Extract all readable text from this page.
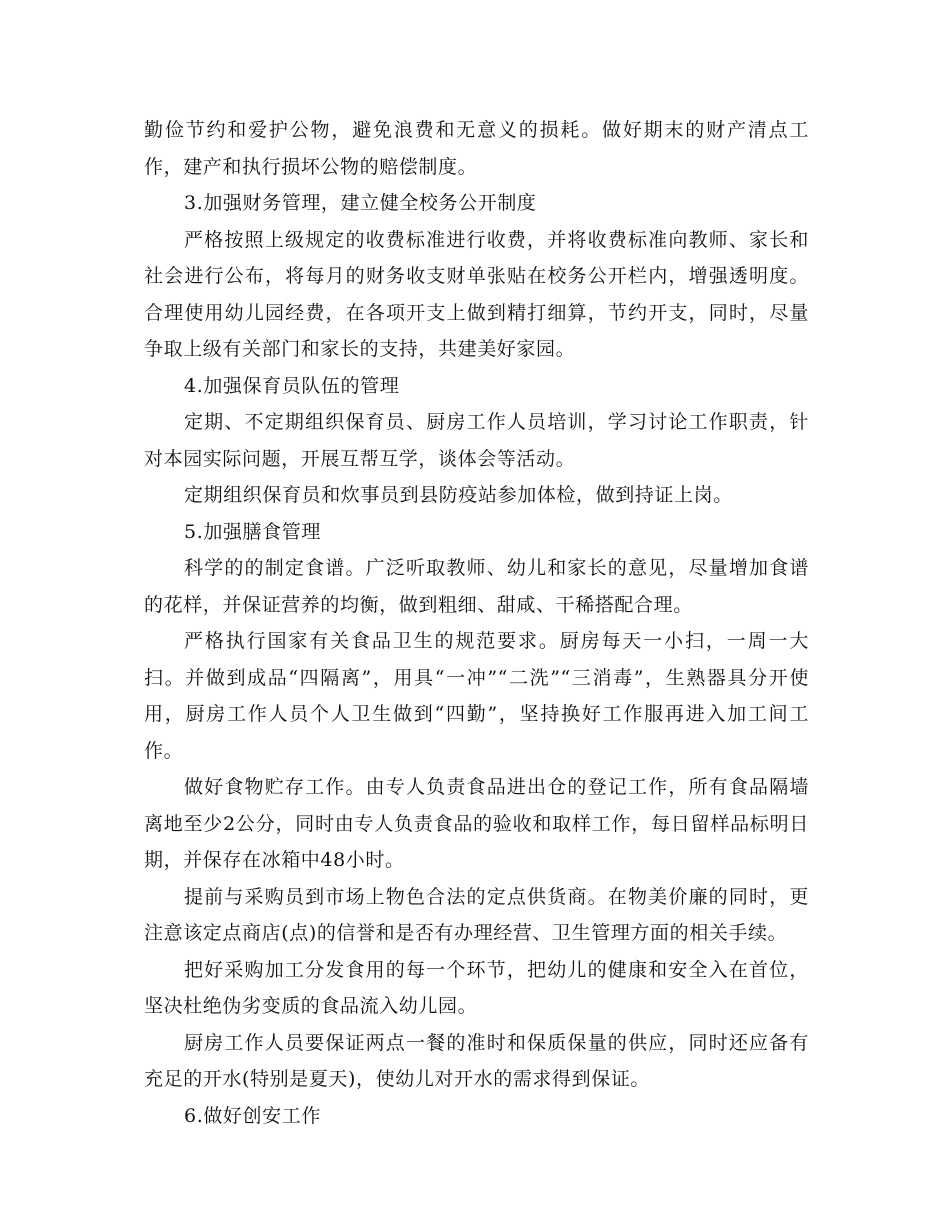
勤俭节约和爱护公物，避免浪费和无意义的损耗。做好期末的财产清点工作，建产和执行损坏公物的赔偿制度。

3.加强财务管理，建立健全校务公开制度

严格按照上级规定的收费标准进行收费，并将收费标准向教师、家长和社会进行公布，将每月的财务收支财单张贴在校务公开栏内，增强透明度。合理使用幼儿园经费，在各项开支上做到精打细算，节约开支，同时，尽量争取上级有关部门和家长的支持，共建美好家园。

4.加强保育员队伍的管理

定期、不定期组织保育员、厨房工作人员培训，学习讨论工作职责，针对本园实际问题，开展互帮互学，谈体会等活动。

定期组织保育员和炊事员到县防疫站参加体检，做到持证上岗。

5.加强膳食管理

科学的的制定食谱。广泛听取教师、幼儿和家长的意见，尽量增加食谱的花样，并保证营养的均衡，做到粗细、甜咸、干稀搭配合理。

严格执行国家有关食品卫生的规范要求。厨房每天一小扫，一周一大扫。并做到成品“四隔离”，用具“一冲”“二洗”“三消毒”，生熟器具分开使用，厨房工作人员个人卫生做到“四勤”，坚持换好工作服再进入加工间工作。

做好食物贮存工作。由专人负责食品进出仓的登记工作，所有食品隔墙离地至少2公分，同时由专人负责食品的验收和取样工作，每日留样品标明日期，并保存在冰箱中48小时。

提前与采购员到市场上物色合法的定点供货商。在物美价廉的同时，更注意该定点商店(点)的信誉和是否有办理经营、卫生管理方面的相关手续。

把好采购加工分发食用的每一个环节，把幼儿的健康和安全入在首位，坚决杜绝伪劣变质的食品流入幼儿园。

厨房工作人员要保证两点一餐的准时和保质保量的供应，同时还应备有充足的开水(特别是夏天)，使幼儿对开水的需求得到保证。

6.做好创安工作
